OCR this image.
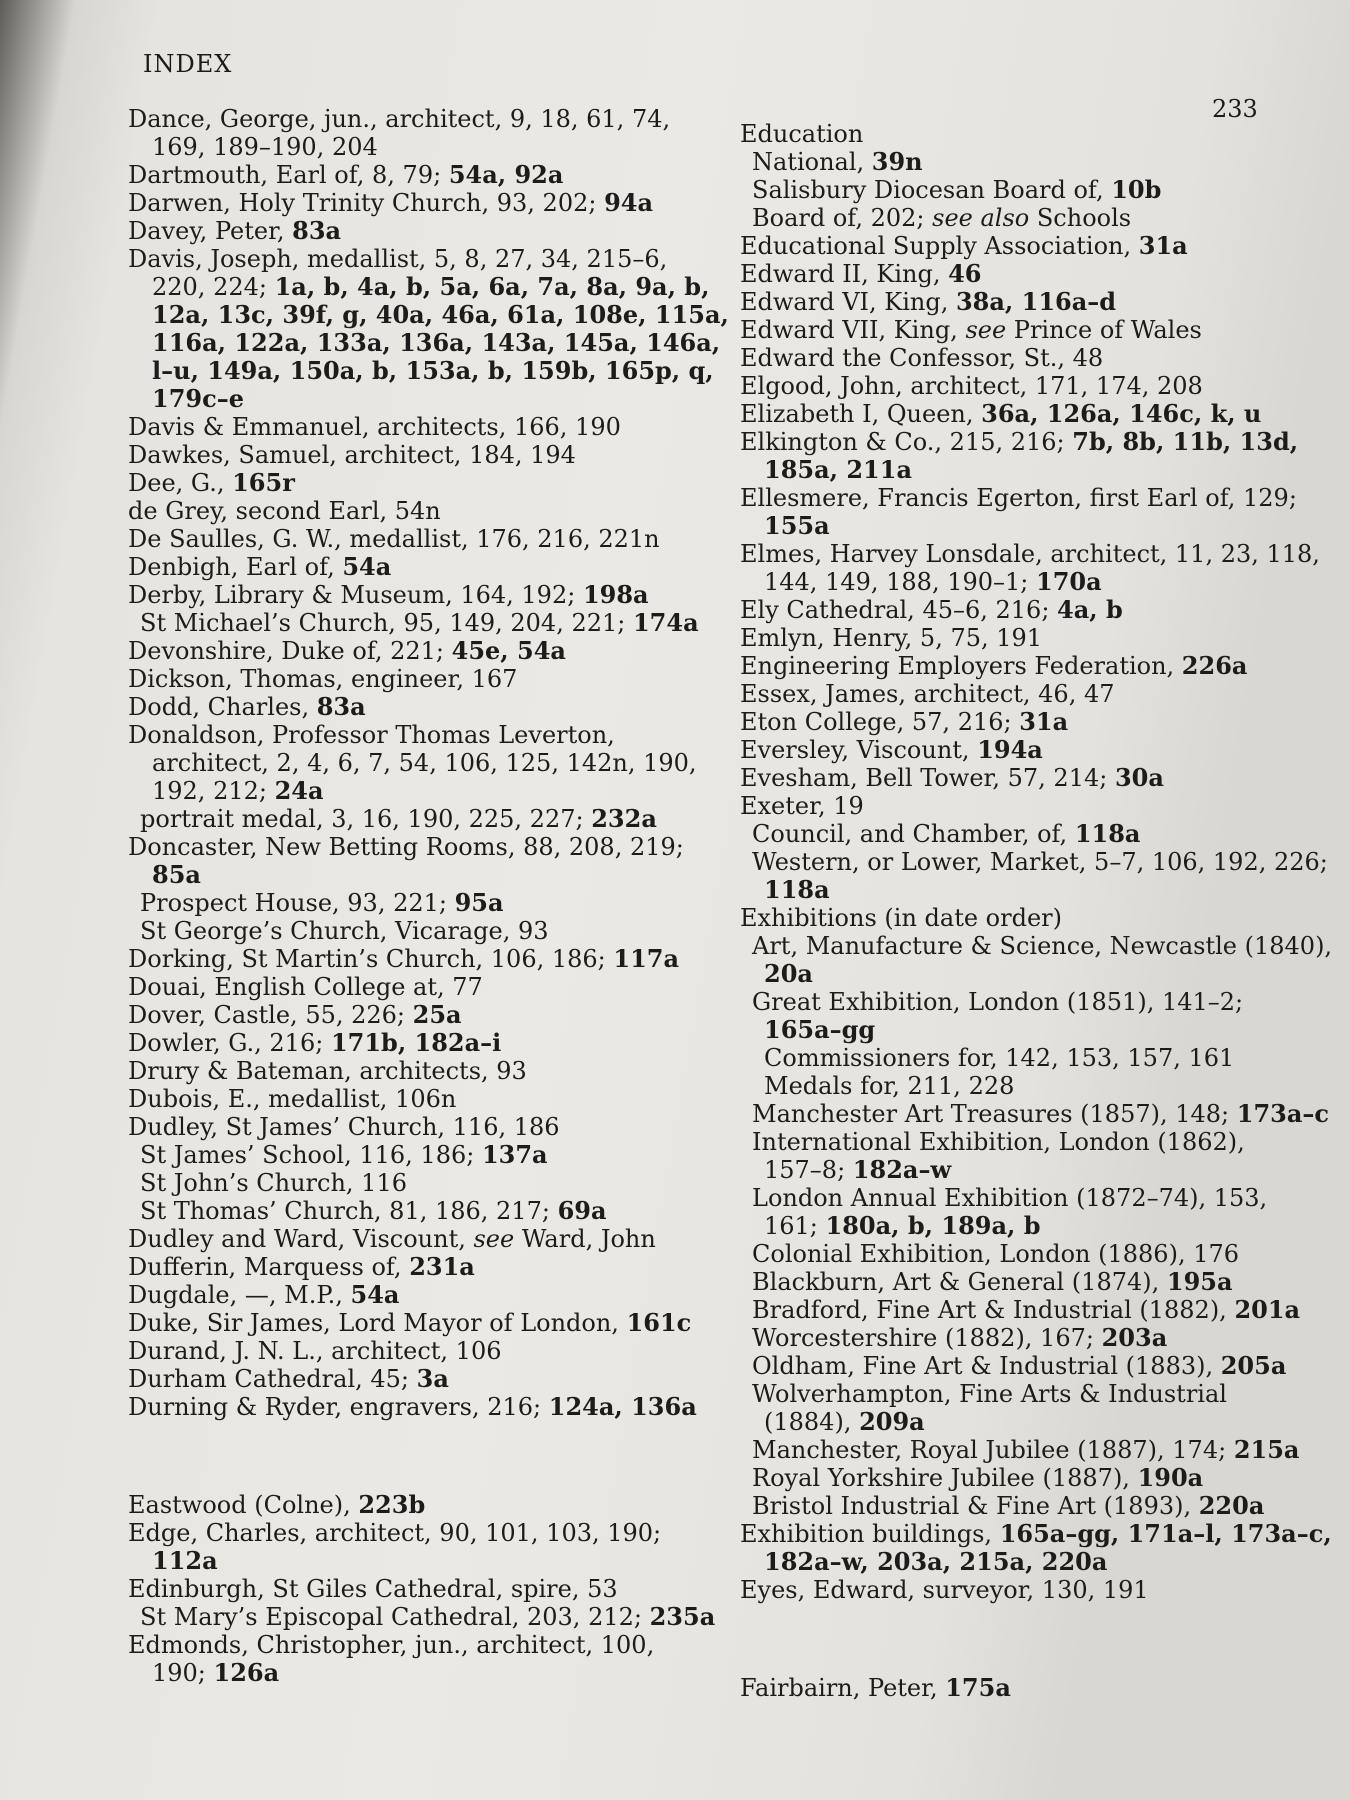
INDEX
233
Dance, George, jun., architect, 9, 18, 61, 74,
169, 189–190, 204
Dartmouth, Earl of, 8, 79; 54a, 92a
Darwen, Holy Trinity Church, 93, 202; 94a
Davey, Peter, 83a
Davis, Joseph, medallist, 5, 8, 27, 34, 215–6,
220, 224; 1a, b, 4a, b, 5a, 6a, 7a, 8a, 9a, b,
12a, 13c, 39f, g, 40a, 46a, 61a, 108e, 115a,
116a, 122a, 133a, 136a, 143a, 145a, 146a,
l–u, 149a, 150a, b, 153a, b, 159b, 165p, q,
179c–e
Davis & Emmanuel, architects, 166, 190
Dawkes, Samuel, architect, 184, 194
Dee, G., 165r
de Grey, second Earl, 54n
De Saulles, G. W., medallist, 176, 216, 221n
Denbigh, Earl of, 54a
Derby, Library & Museum, 164, 192; 198a
St Michael’s Church, 95, 149, 204, 221; 174a
Devonshire, Duke of, 221; 45e, 54a
Dickson, Thomas, engineer, 167
Dodd, Charles, 83a
Donaldson, Professor Thomas Leverton,
architect, 2, 4, 6, 7, 54, 106, 125, 142n, 190,
192, 212; 24a
portrait medal, 3, 16, 190, 225, 227; 232a
Doncaster, New Betting Rooms, 88, 208, 219;
85a
Prospect House, 93, 221; 95a
St George’s Church, Vicarage, 93
Dorking, St Martin’s Church, 106, 186; 117a
Douai, English College at, 77
Dover, Castle, 55, 226; 25a
Dowler, G., 216; 171b, 182a–i
Drury & Bateman, architects, 93
Dubois, E., medallist, 106n
Dudley, St James’ Church, 116, 186
St James’ School, 116, 186; 137a
St John’s Church, 116
St Thomas’ Church, 81, 186, 217; 69a
Dudley and Ward, Viscount, see Ward, John
Dufferin, Marquess of, 231a
Dugdale, —, M.P., 54a
Duke, Sir James, Lord Mayor of London, 161c
Durand, J. N. L., architect, 106
Durham Cathedral, 45; 3a
Durning & Ryder, engravers, 216; 124a, 136a
Eastwood (Colne), 223b
Edge, Charles, architect, 90, 101, 103, 190;
112a
Edinburgh, St Giles Cathedral, spire, 53
St Mary’s Episcopal Cathedral, 203, 212; 235a
Edmonds, Christopher, jun., architect, 100,
190; 126a
Education
National, 39n
Salisbury Diocesan Board of, 10b
Board of, 202; see also Schools
Educational Supply Association, 31a
Edward II, King, 46
Edward VI, King, 38a, 116a–d
Edward VII, King, see Prince of Wales
Edward the Confessor, St., 48
Elgood, John, architect, 171, 174, 208
Elizabeth I, Queen, 36a, 126a, 146c, k, u
Elkington & Co., 215, 216; 7b, 8b, 11b, 13d,
185a, 211a
Ellesmere, Francis Egerton, first Earl of, 129;
155a
Elmes, Harvey Lonsdale, architect, 11, 23, 118,
144, 149, 188, 190–1; 170a
Ely Cathedral, 45–6, 216; 4a, b
Emlyn, Henry, 5, 75, 191
Engineering Employers Federation, 226a
Essex, James, architect, 46, 47
Eton College, 57, 216; 31a
Eversley, Viscount, 194a
Evesham, Bell Tower, 57, 214; 30a
Exeter, 19
Council, and Chamber, of, 118a
Western, or Lower, Market, 5–7, 106, 192, 226;
118a
Exhibitions (in date order)
Art, Manufacture & Science, Newcastle (1840),
20a
Great Exhibition, London (1851), 141–2;
165a–gg
Commissioners for, 142, 153, 157, 161
Medals for, 211, 228
Manchester Art Treasures (1857), 148; 173a–c
International Exhibition, London (1862),
157–8; 182a–w
London Annual Exhibition (1872–74), 153,
161; 180a, b, 189a, b
Colonial Exhibition, London (1886), 176
Blackburn, Art & General (1874), 195a
Bradford, Fine Art & Industrial (1882), 201a
Worcestershire (1882), 167; 203a
Oldham, Fine Art & Industrial (1883), 205a
Wolverhampton, Fine Arts & Industrial
(1884), 209a
Manchester, Royal Jubilee (1887), 174; 215a
Royal Yorkshire Jubilee (1887), 190a
Bristol Industrial & Fine Art (1893), 220a
Exhibition buildings, 165a–gg, 171a–l, 173a–c,
182a–w, 203a, 215a, 220a
Eyes, Edward, surveyor, 130, 191
Fairbairn, Peter, 175a
